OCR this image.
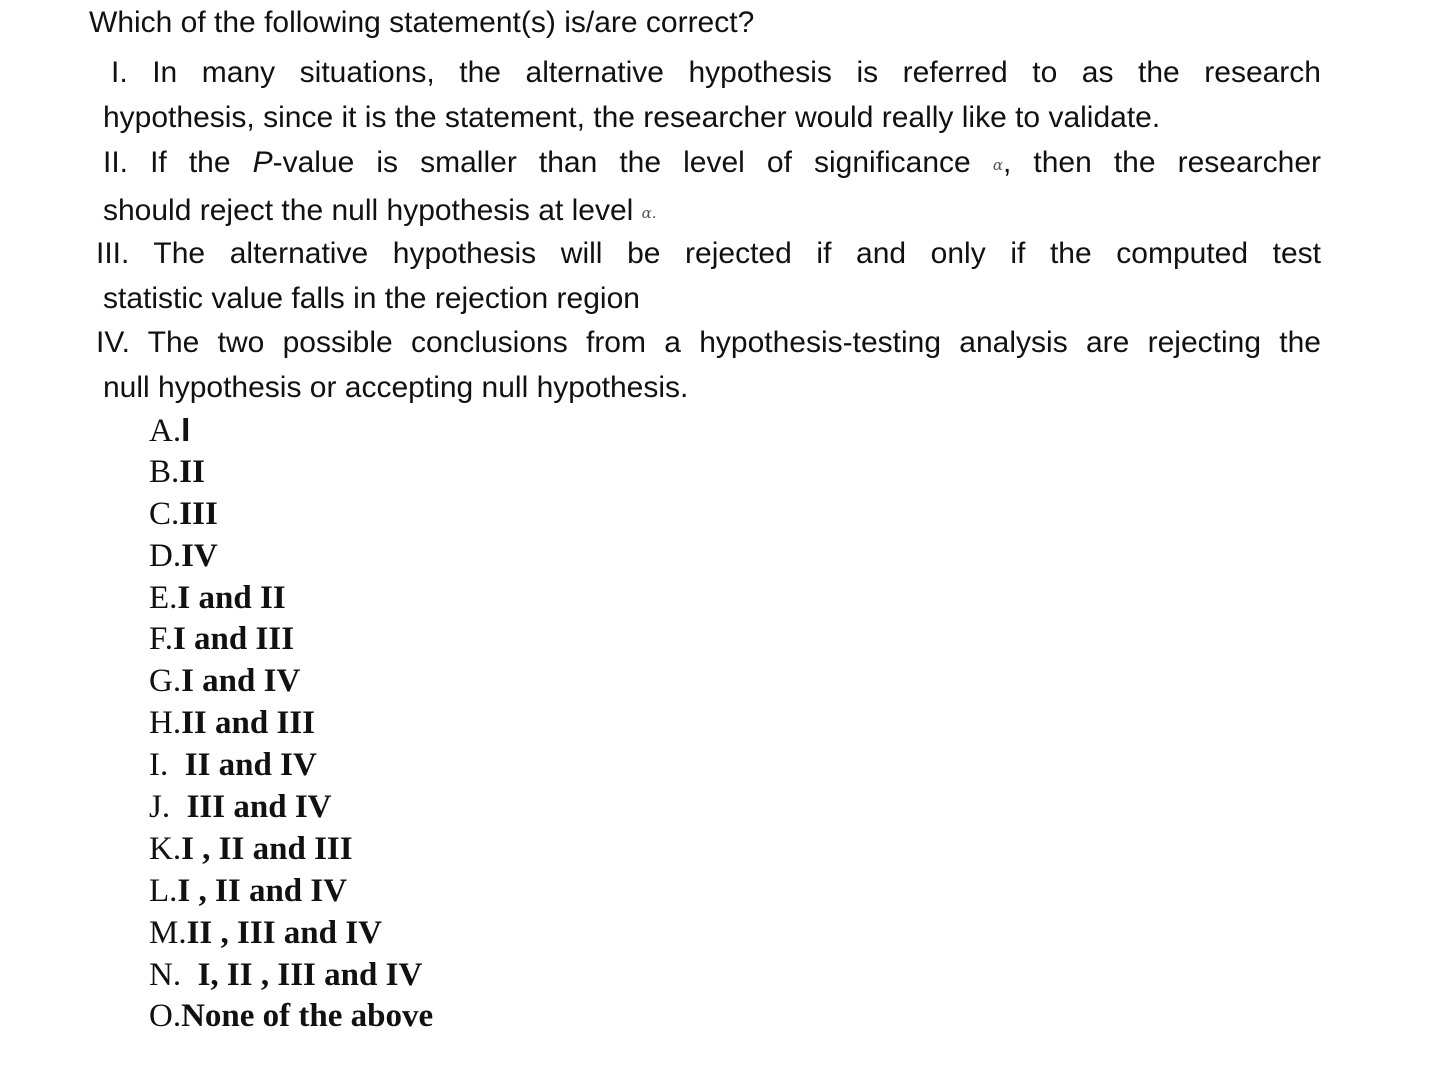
Which of the following statement(s) is/are correct?
I. In many situations, the alternative hypothesis is referred to as the research
hypothesis, since it is the statement, the researcher would really like to validate.
II. If the P-value is smaller than the level of significance α, then the researcher
should reject the null hypothesis at level α.
III. The alternative hypothesis will be rejected if and only if the computed test
statistic value falls in the rejection region
IV. The two possible conclusions from a hypothesis-testing analysis are rejecting the
null hypothesis or accepting null hypothesis.
A.I
B.II
C.III
D.IV
E.I and II
F.I and III
G.I and IV
H.II and III
I.  II and IV
J.  III and IV
K.I , II and III
L.I , II and IV
M.II , III and IV
N.  I, II , III and IV
O.None of the above
